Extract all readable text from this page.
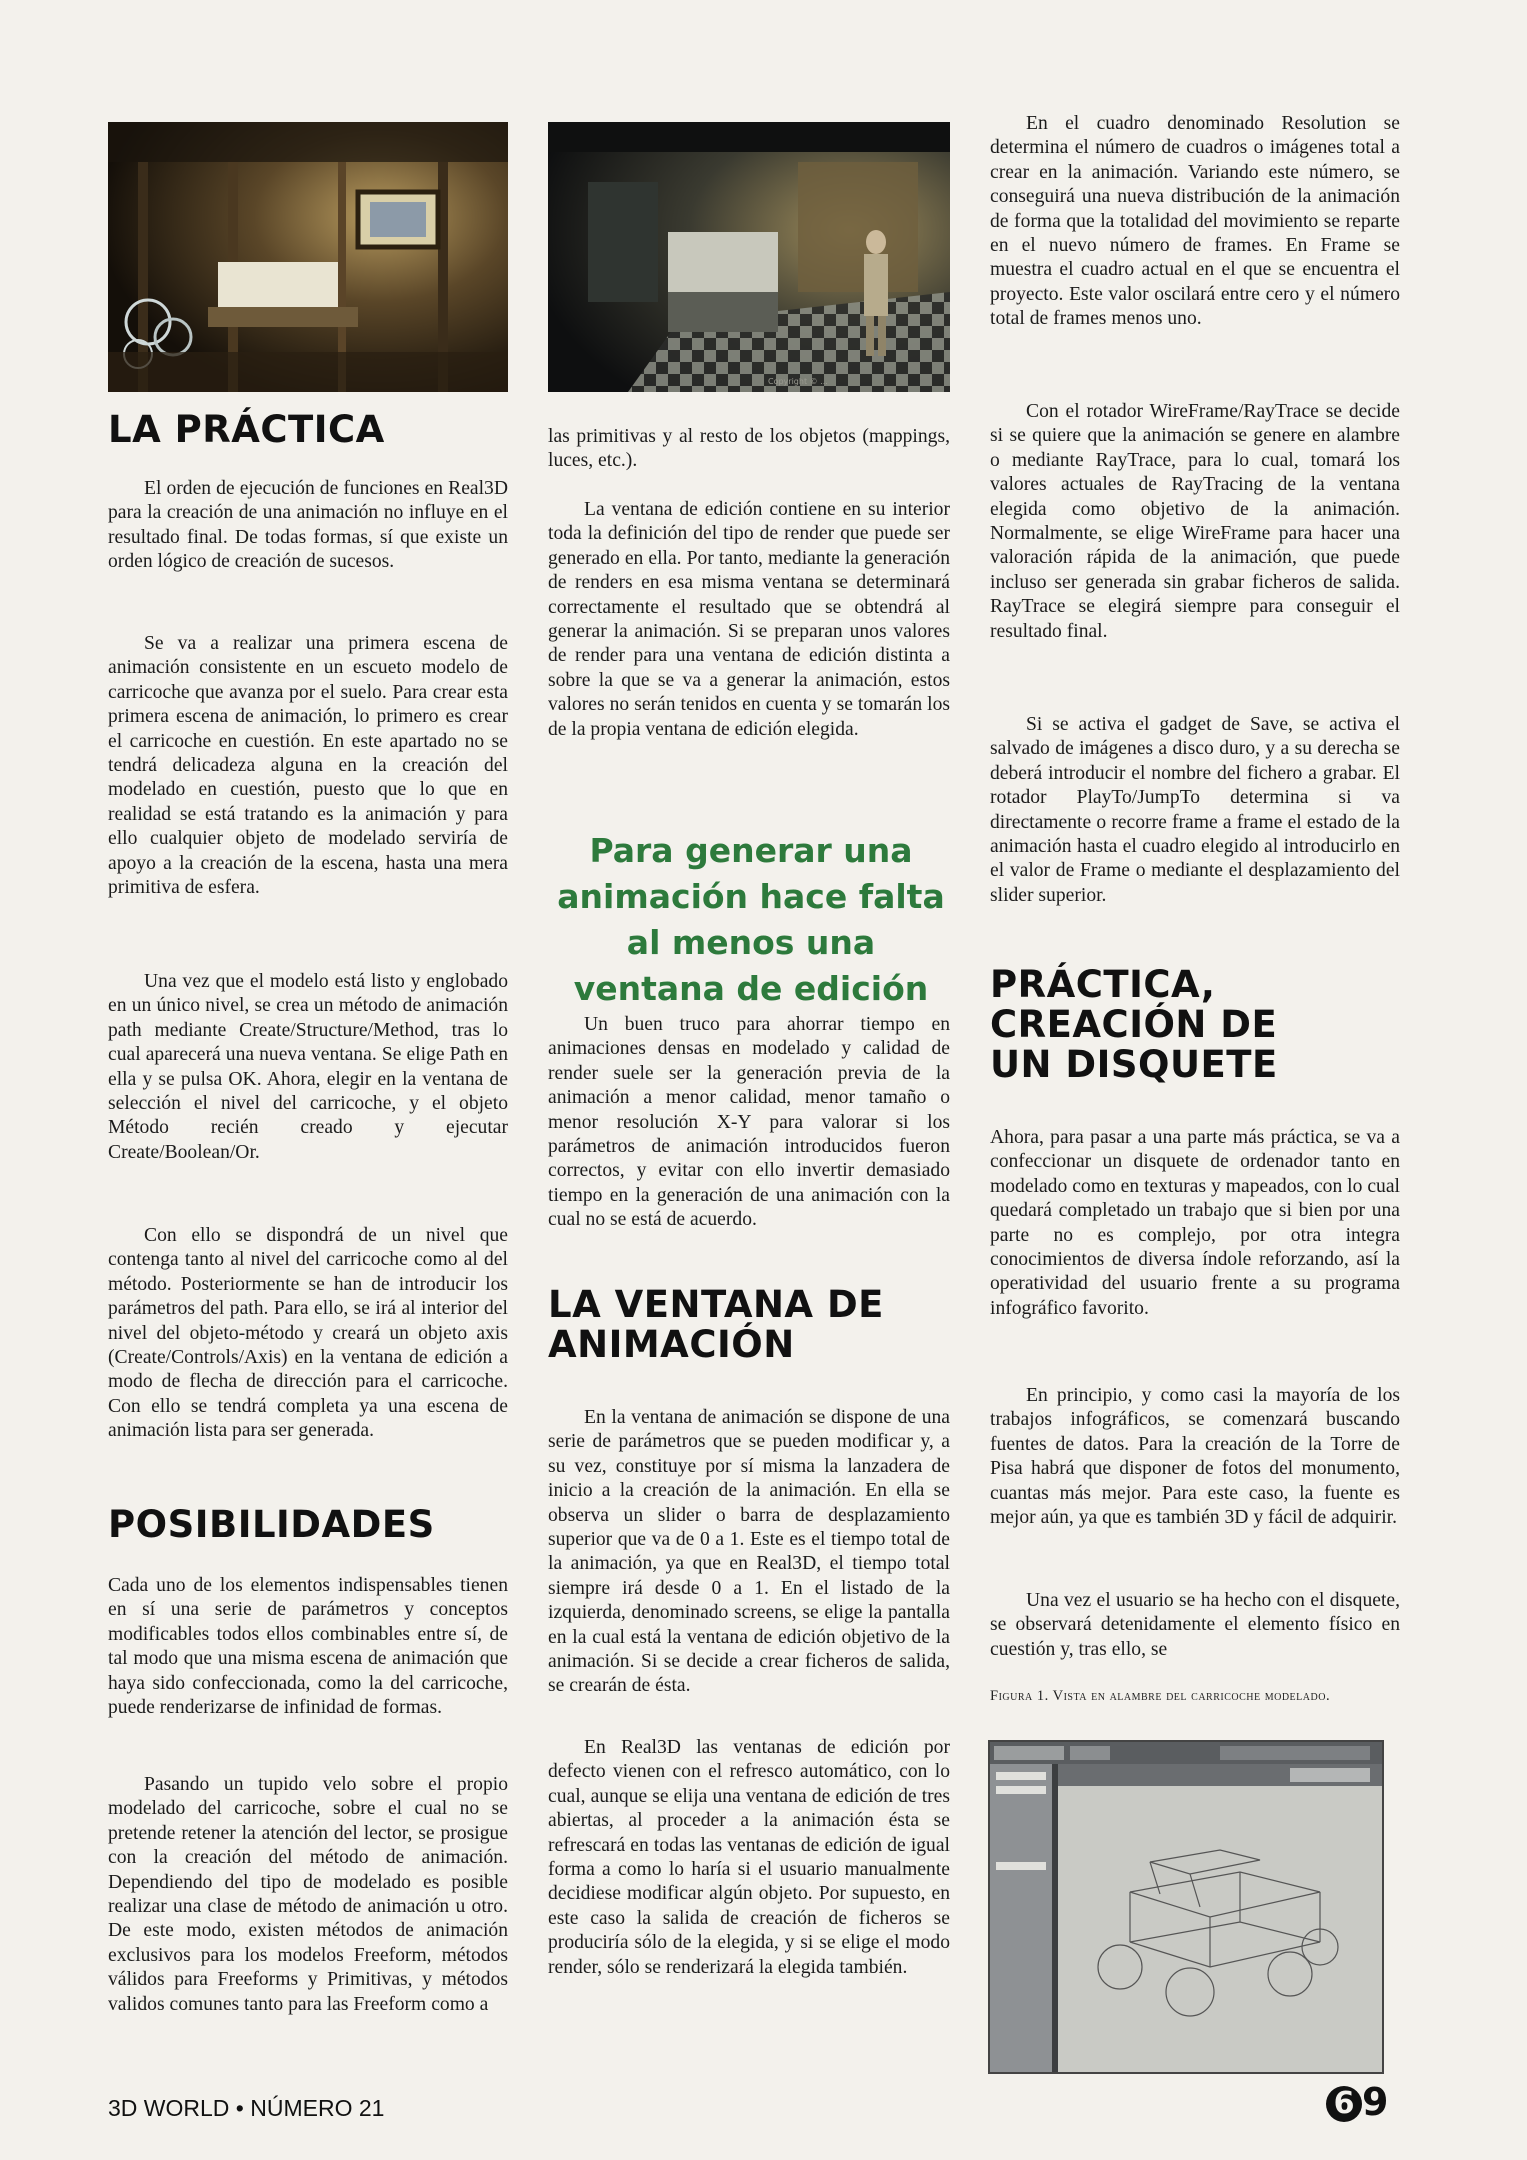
LA PRÁCTICA

El orden de ejecución de funciones en Real3D para la creación de una animación no influye en el resultado final. De todas formas, sí que existe un orden lógico de creación de sucesos.

Se va a realizar una primera escena de animación consistente en un escueto modelo de carricoche que avanza por el suelo. Para crear esta primera escena de animación, lo primero es crear el carricoche en cuestión. En este apartado no se tendrá delicadeza alguna en la creación del modelado en cuestión, puesto que lo que en realidad se está tratando es la animación y para ello cualquier objeto de modelado serviría de apoyo a la creación de la escena, hasta una mera primitiva de esfera.

Una vez que el modelo está listo y englobado en un único nivel, se crea un método de animación path mediante Create/Structure/Method, tras lo cual aparecerá una nueva ventana. Se elige Path en ella y se pulsa OK. Ahora, elegir en la ventana de selección el nivel del carricoche, y el objeto Método recién creado y ejecutar Create/Boolean/Or.

Con ello se dispondrá de un nivel que contenga tanto al nivel del carricoche como al del método. Posteriormente se han de introducir los parámetros del path. Para ello, se irá al interior del nivel del objeto-método y creará un objeto axis (Create/Controls/Axis) en la ventana de edición a modo de flecha de dirección para el carricoche. Con ello se tendrá completa ya una escena de animación lista para ser generada.

POSIBILIDADES

Cada uno de los elementos indispensables tienen en sí una serie de parámetros y conceptos modificables todos ellos combinables entre sí, de tal modo que una misma escena de animación que haya sido confeccionada, como la del carricoche, puede renderizarse de infinidad de formas.

Pasando un tupido velo sobre el propio modelado del carricoche, sobre el cual no se pretende retener la atención del lector, se prosigue con la creación del método de animación. Dependiendo del tipo de modelado es posible realizar una clase de método de animación u otro. De este modo, existen métodos de animación exclusivos para los modelos Freeform, métodos válidos para Freeforms y Primitivas, y métodos validos comunes tanto para las Freeform como a

Copyright © ...

las primitivas y al resto de los objetos (mappings, luces, etc.).

La ventana de edición contiene en su interior toda la definición del tipo de render que puede ser generado en ella. Por tanto, mediante la generación de renders en esa misma ventana se determinará correctamente el resultado que se obtendrá al generar la animación. Si se preparan unos valores de render para una ventana de edición distinta a sobre la que se va a generar la animación, estos valores no serán tenidos en cuenta y se tomarán los de la propia ventana de edición elegida.

Para generar una animación hace falta al menos una ventana de edición

Un buen truco para ahorrar tiempo en animaciones densas en modelado y calidad de render suele ser la generación previa de la animación a menor calidad, menor tamaño o menor resolución X-Y para valorar si los parámetros de animación introducidos fueron correctos, y evitar con ello invertir demasiado tiempo en la generación de una animación con la cual no se está de acuerdo.

LA VENTANA DE ANIMACIÓN

En la ventana de animación se dispone de una serie de parámetros que se pueden modificar y, a su vez, constituye por sí misma la lanzadera de inicio a la creación de la animación. En ella se observa un slider o barra de desplazamiento superior que va de 0 a 1. Este es el tiempo total de la animación, ya que en Real3D, el tiempo total siempre irá desde 0 a 1. En el listado de la izquierda, denominado screens, se elige la pantalla en la cual está la ventana de edición objetivo de la animación. Si se decide a crear ficheros de salida, se crearán de ésta.

En Real3D las ventanas de edición por defecto vienen con el refresco automático, con lo cual, aunque se elija una ventana de edición de tres abiertas, al proceder a la animación ésta se refrescará en todas las ventanas de edición de igual forma a como lo haría si el usuario manualmente decidiese modificar algún objeto. Por supuesto, en este caso la salida de creación de ficheros se produciría sólo de la elegida, y si se elige el modo render, sólo se renderizará la elegida también.

En el cuadro denominado Resolution se determina el número de cuadros o imágenes total a crear en la animación. Variando este número, se conseguirá una nueva distribución de la animación de forma que la totalidad del movimiento se reparte en el nuevo número de frames. En Frame se muestra el cuadro actual en el que se encuentra el proyecto. Este valor oscilará entre cero y el número total de frames menos uno.

Con el rotador WireFrame/RayTrace se decide si se quiere que la animación se genere en alambre o mediante RayTrace, para lo cual, tomará los valores actuales de RayTracing de la ventana elegida como objetivo de la animación. Normalmente, se elige WireFrame para hacer una valoración rápida de la animación, que puede incluso ser generada sin grabar ficheros de salida. RayTrace se elegirá siempre para conseguir el resultado final.

Si se activa el gadget de Save, se activa el salvado de imágenes a disco duro, y a su derecha se deberá introducir el nombre del fichero a grabar. El rotador PlayTo/JumpTo determina si va directamente o recorre frame a frame el estado de la animación hasta el cuadro elegido al introducirlo en el valor de Frame o mediante el desplazamiento del slider superior.

PRÁCTICA, CREACIÓN DE UN DISQUETE

Ahora, para pasar a una parte más práctica, se va a confeccionar un disquete de ordenador tanto en modelado como en texturas y mapeados, con lo cual quedará completado un trabajo que si bien por una parte no es complejo, por otra integra conocimientos de diversa índole reforzando, así la operatividad del usuario frente a su programa infográfico favorito.

En principio, y como casi la mayoría de los trabajos infográficos, se comenzará buscando fuentes de datos. Para la creación de la Torre de Pisa habrá que disponer de fotos del monumento, cuantas más mejor. Para este caso, la fuente es mejor aún, ya que es también 3D y fácil de adquirir.

Una vez el usuario se ha hecho con el disquete, se observará detenidamente el elemento físico en cuestión y, tras ello, se

Figura 1. Vista en alambre del carricoche modelado.

3D WORLD • NÚMERO 21	6 9
